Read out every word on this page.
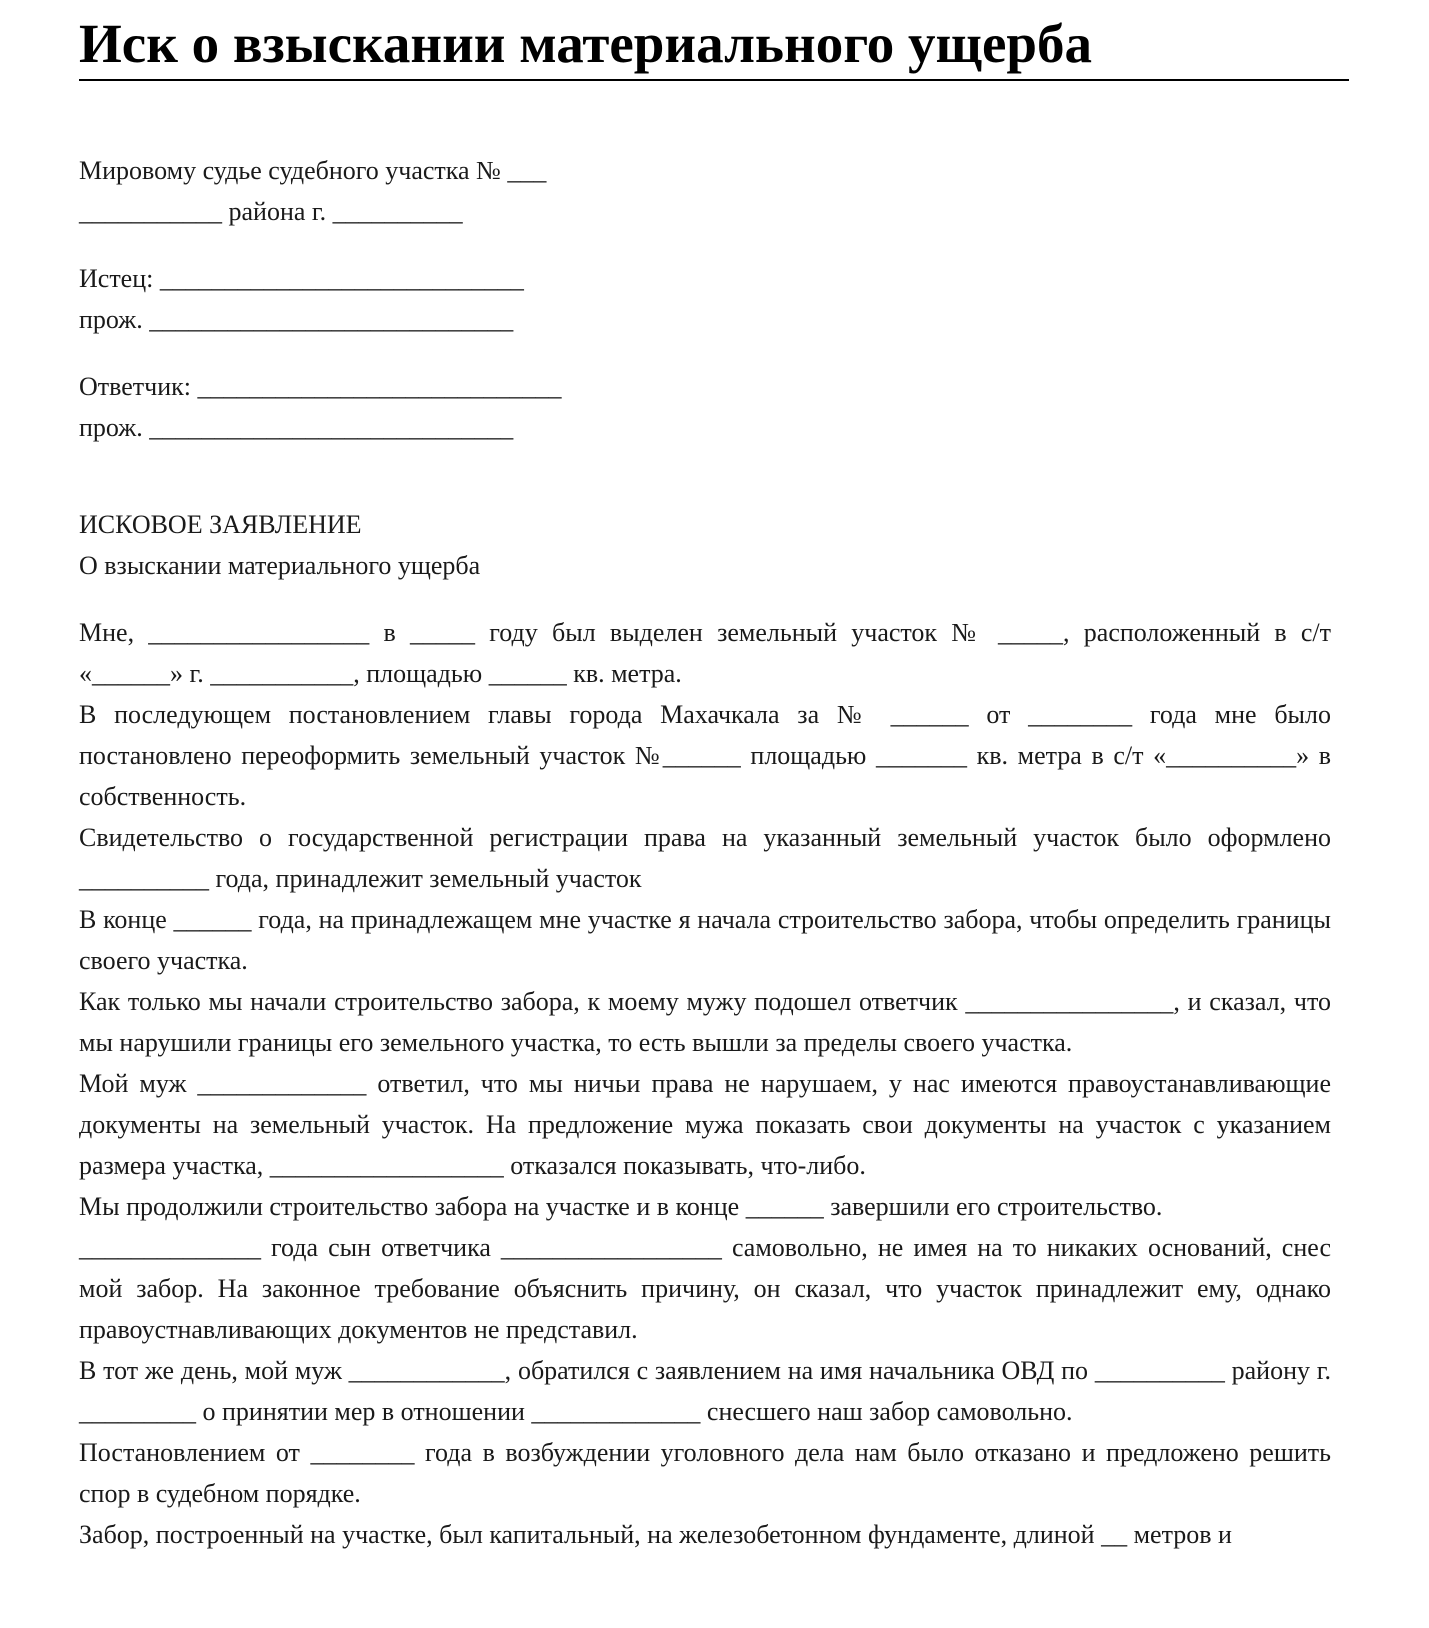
Иск о взыскании материального ущерба
Мировому судье судебного участка № ___
___________ района г. __________
Истец: ____________________________
прож. ____________________________
Ответчик: ____________________________
прож. ____________________________
ИСКОВОЕ ЗАЯВЛЕНИЕ
О взыскании материального ущерба
Мне, _________________ в _____ году был выделен земельный участок № _____, расположенный в с/т «______» г. ___________, площадью ______ кв. метра.
В последующем постановлением главы города Махачкала за № ______ от ________ года мне было постановлено переоформить земельный участок №______ площадью _______ кв. метра в с/т «__________» в собственность.
Свидетельство о государственной регистрации права на указанный земельный участок было оформлено __________ года, принадлежит земельный участок
В конце ______ года, на принадлежащем мне участке я начала строительство забора, чтобы определить границы своего участка.
Как только мы начали строительство забора, к моему мужу подошел ответчик ________________, и сказал, что мы нарушили границы его земельного участка, то есть вышли за пределы своего участка.
Мой муж _____________ ответил, что мы ничьи права не нарушаем, у нас имеются правоустанавливающие документы на земельный участок. На предложение мужа показать свои документы на участок с указанием размера участка, __________________ отказался показывать, что-либо.
Мы продолжили строительство забора на участке и в конце ______ завершили его строительство.
______________ года сын ответчика _________________ самовольно, не имея на то никаких оснований, снес мой забор. На законное требование объяснить причину, он сказал, что участок принадлежит ему, однако правоустнавливающих документов не представил.
В тот же день, мой муж ____________, обратился с заявлением на имя начальника ОВД по __________ району г. _________ о принятии мер в отношении _____________ снесшего наш забор самовольно.
Постановлением от ________ года в возбуждении уголовного дела нам было отказано и предложено решить спор в судебном порядке.
Забор, построенный на участке, был капитальный, на железобетонном фундаменте, длиной __ метров и
